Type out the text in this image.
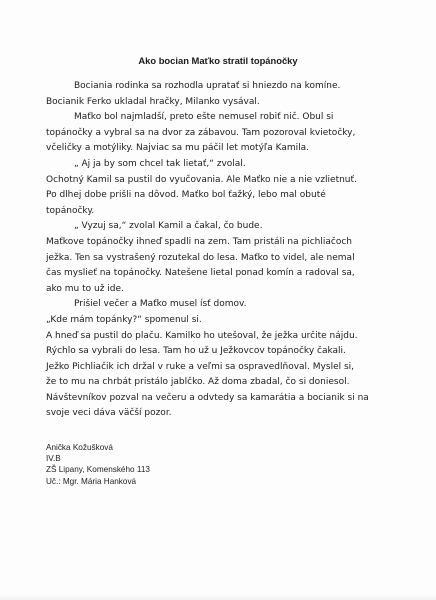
Ako bocian Maťko stratil topánočky
Bociania rodinka sa rozhodla upratať si hniezdo na komíne.
Bocianik Ferko ukladal hračky, Milanko vysával.
Maťko bol najmladší, preto ešte nemusel robiť nič. Obul si
topánočky a vybral sa na dvor za zábavou. Tam pozoroval kvietočky,
včeličky a motýliky. Najviac sa mu páčil let motýľa Kamila.
„ Aj ja by som chcel tak lietať,“ zvolal.
Ochotný Kamil sa pustil do vyučovania. Ale Maťko nie a nie vzlietnuť.
Po dlhej dobe prišli na dôvod. Maťko bol ťažký, lebo mal obuté
topánočky.
„ Vyzuj sa,“ zvolal Kamil a čakal, čo bude.
Maťkove topánočky ihneď spadli na zem. Tam pristáli na pichliačoch
ježka. Ten sa vystrašený rozutekal do lesa. Maťko to videl, ale nemal
čas myslieť na topánočky. Natešene lietal ponad komín a radoval sa,
ako mu to už ide.
Prišiel večer a Maťko musel ísť domov.
„Kde mám topánky?“ spomenul si.
A hneď sa pustil do plaču. Kamilko ho utešoval, že ježka určite nájdu.
Rýchlo sa vybrali do lesa. Tam ho už u Ježkovcov topánočky čakali.
Ježko Pichliačik ich držal v ruke a veľmi sa ospravedlňoval. Myslel si,
že to mu na chrbát pristálo jablčko. Až doma zbadal, čo si doniesol.
Návštevníkov pozval na večeru a odvtedy sa kamarátia a bocianik si na
svoje veci dáva väčší pozor.
Anička Kožušková
IV.B
ZŠ Lipany, Komenského 113
Uč.: Mgr. Mária Hanková
